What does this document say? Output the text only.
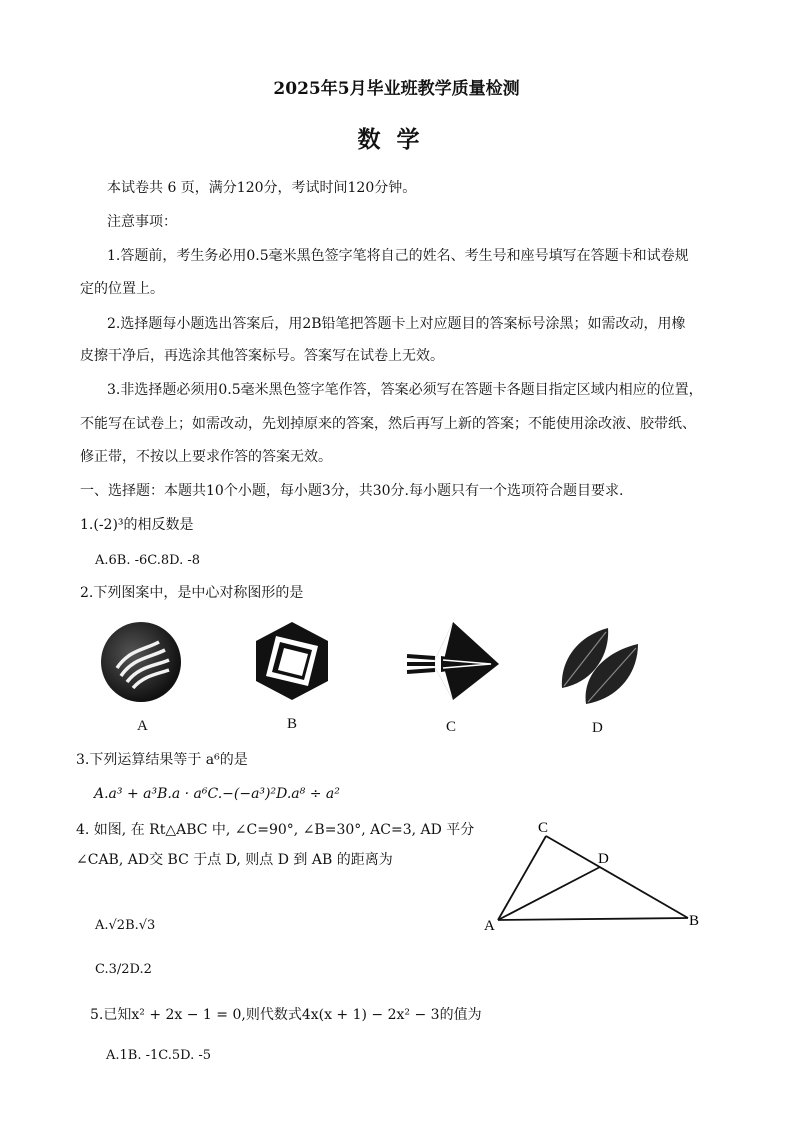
2025年5月毕业班教学质量检测
数学
本试卷共 6 页，满分120分，考试时间120分钟。
注意事项：
1.答题前，考生务必用0.5毫米黑色签字笔将自己的姓名、考生号和座号填写在答题卡和试卷规
定的位置上。
2.选择题每小题选出答案后，用2B铅笔把答题卡上对应题目的答案标号涂黑；如需改动，用橡
皮擦干净后，再选涂其他答案标号。答案写在试卷上无效。
3.非选择题必须用0.5毫米黑色签字笔作答，答案必须写在答题卡各题目指定区域内相应的位置，
不能写在试卷上；如需改动，先划掉原来的答案，然后再写上新的答案；不能使用涂改液、胶带纸、
修正带，不按以上要求作答的答案无效。
一、选择题：本题共10个小题，每小题3分，共30分.每小题只有一个选项符合题目要求.
1.(-2)³的相反数是
A.6B. -6C.8D. -8
2.下列图案中，是中心对称图形的是
A	B	C	D
3.下列运算结果等于 a⁶的是
A.a³ + a³B.a · a⁶C.−(−a³)²D.a⁸ ÷ a²
4. 如图, 在 Rt△ABC 中, ∠C=90°, ∠B=30°, AC=3, AD 平分
∠CAB, AD交 BC 于点 D, 则点 D 到 AB 的距离为
A.√2B.√3
C.3/2D.2
C
D
A	B
5.已知x² + 2x − 1 = 0,则代数式4x(x + 1) − 2x² − 3的值为
A.1B. -1C.5D. -5
